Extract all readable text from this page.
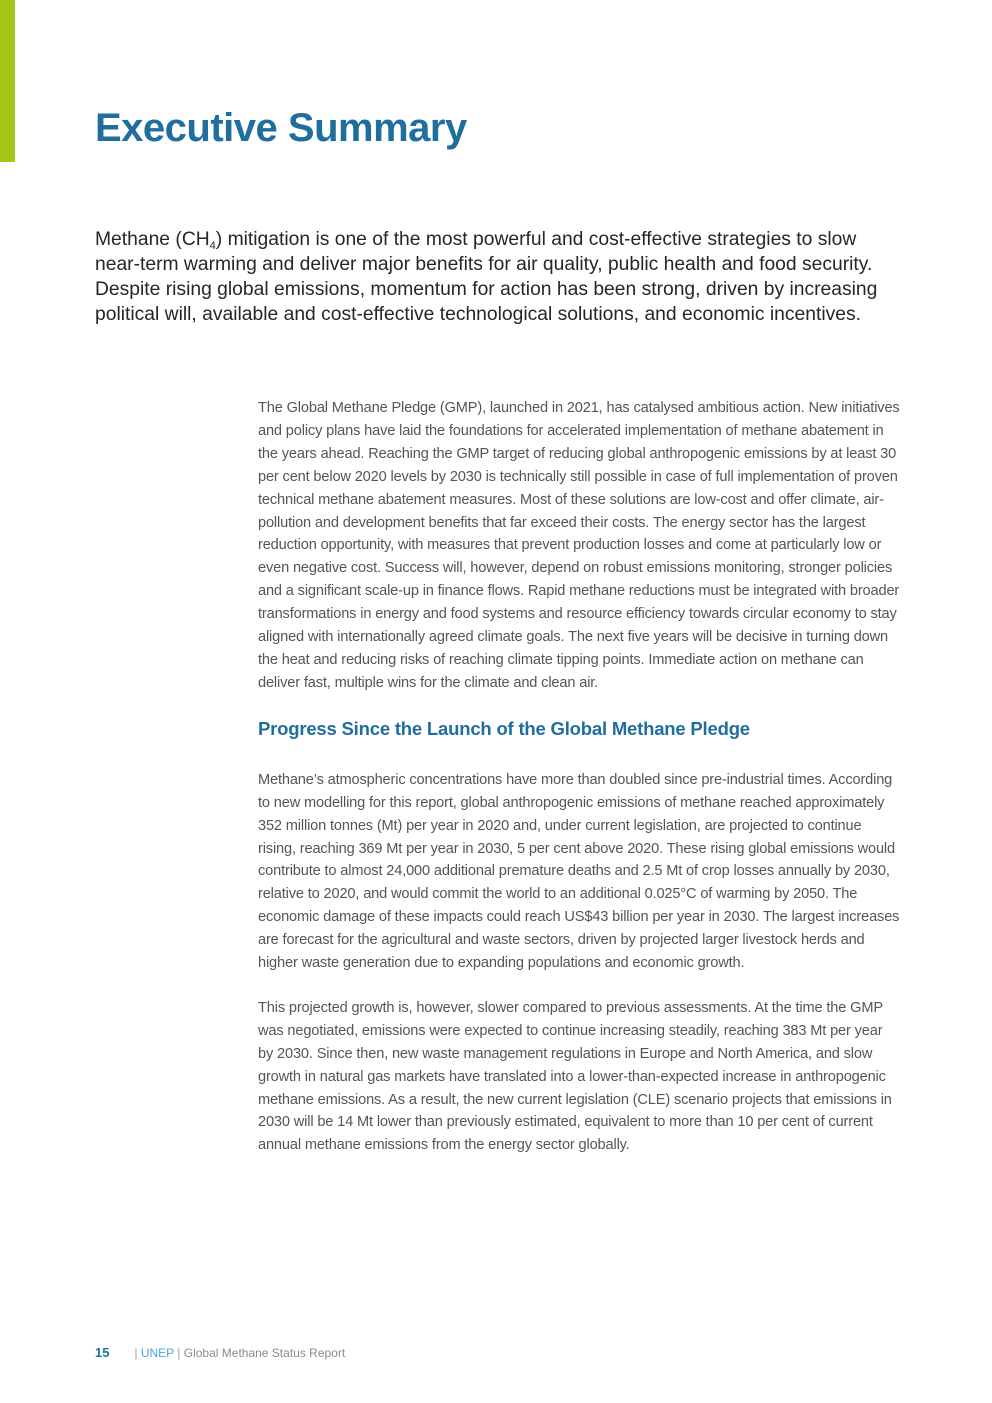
Executive Summary

Methane $(CH_4)$ mitigation is one of the most powerful and cost-effective strategies to slow near-term warming and deliver major benefits for air quality, public health and food security. Despite rising global emissions, momentum for action has been strong, driven by increasing political will, available and cost-effective technological solutions, and economic incentives.

The Global Methane Pledge (GMP), launched in 2021, has catalysed ambitious action. New initiatives and policy plans have laid the foundations for accelerated implementation of methane abatement in the years ahead. Reaching the GMP target of reducing global anthropogenic emissions by at least 30 per cent below 2020 levels by 2030 is technically still possible in case of full implementation of proven technical methane abatement measures. Most of these solutions are low-cost and offer climate, air-pollution and development benefits that far exceed their costs. The energy sector has the largest reduction opportunity, with measures that prevent production losses and come at particularly low or even negative cost. Success will, however, depend on robust emissions monitoring, stronger policies and a significant scale-up in finance flows. Rapid methane reductions must be integrated with broader transformations in energy and food systems and resource efficiency towards circular economy to stay aligned with internationally agreed climate goals. The next five years will be decisive in turning down the heat and reducing risks of reaching climate tipping points. Immediate action on methane can deliver fast, multiple wins for the climate and clean air.

Progress Since the Launch of the Global Methane Pledge

Methane’s atmospheric concentrations have more than doubled since pre-industrial times. According to new modelling for this report, global anthropogenic emissions of methane reached approximately 352 million tonnes (Mt) per year in 2020 and, under current legislation, are projected to continue rising, reaching 369 Mt per year in 2030, 5 per cent above 2020. These rising global emissions would contribute to almost 24,000 additional premature deaths and 2.5 Mt of crop losses annually by 2030, relative to 2020, and would commit the world to an additional 0.025°C of warming by 2050. The economic damage of these impacts could reach US$43 billion per year in 2030. The largest increases are forecast for the agricultural and waste sectors, driven by projected larger livestock herds and higher waste generation due to expanding populations and economic growth.

This projected growth is, however, slower compared to previous assessments. At the time the GMP was negotiated, emissions were expected to continue increasing steadily, reaching 383 Mt per year by 2030. Since then, new waste management regulations in Europe and North America, and slow growth in natural gas markets have translated into a lower-than-expected increase in anthropogenic methane emissions. As a result, the new current legislation (CLE) scenario projects that emissions in 2030 will be 14 Mt lower than previously estimated, equivalent to more than 10 per cent of current annual methane emissions from the energy sector globally.

15 | UNEP | Global Methane Status Report
